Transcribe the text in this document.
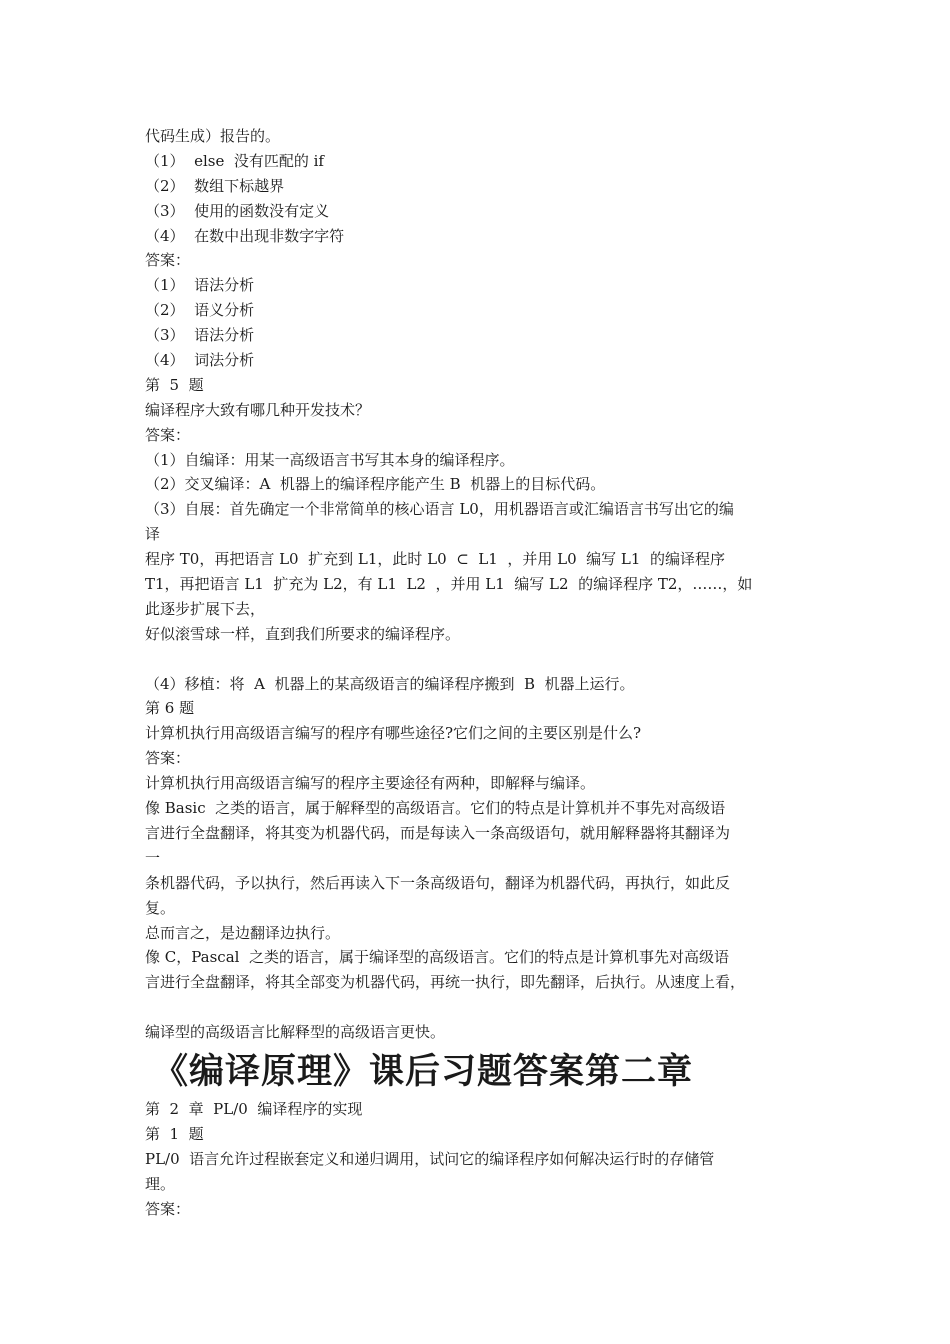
代码生成）报告的。
（1）  else  没有匹配的 if
（2）  数组下标越界
（3）  使用的函数没有定义
（4）  在数中出现非数字字符
答案：
（1）  语法分析
（2）  语义分析
（3）  语法分析
（4）  词法分析
第  5  题
编译程序大致有哪几种开发技术？
答案：
（1）自编译：用某一高级语言书写其本身的编译程序。
（2）交叉编译：A  机器上的编译程序能产生 B  机器上的目标代码。
（3）自展：首先确定一个非常简单的核心语言 L0，用机器语言或汇编语言书写出它的编
译
程序 T0，再把语言 L0  扩充到 L1，此时 L0  ⊂  L1  ，并用 L0  编写 L1  的编译程序
T1，再把语言 L1  扩充为 L2，有 L1  L2  ，并用 L1  编写 L2  的编译程序 T2，……，如
此逐步扩展下去，
好似滚雪球一样，直到我们所要求的编译程序。
（4）移植：将  A  机器上的某高级语言的编译程序搬到  B  机器上运行。
第 6 题
计算机执行用高级语言编写的程序有哪些途径?它们之间的主要区别是什么?
答案：
计算机执行用高级语言编写的程序主要途径有两种，即解释与编译。
像 Basic  之类的语言，属于解释型的高级语言。它们的特点是计算机并不事先对高级语
言进行全盘翻译，将其变为机器代码，而是每读入一条高级语句，就用解释器将其翻译为
一
条机器代码，予以执行，然后再读入下一条高级语句，翻译为机器代码，再执行，如此反
复。
总而言之，是边翻译边执行。
像 C，Pascal  之类的语言，属于编译型的高级语言。它们的特点是计算机事先对高级语
言进行全盘翻译，将其全部变为机器代码，再统一执行，即先翻译，后执行。从速度上看，
编译型的高级语言比解释型的高级语言更快。
《编译原理》课后习题答案第二章
第  2  章  PL/0  编译程序的实现
第  1  题
PL/0  语言允许过程嵌套定义和递归调用，试问它的编译程序如何解决运行时的存储管
理。
答案：
